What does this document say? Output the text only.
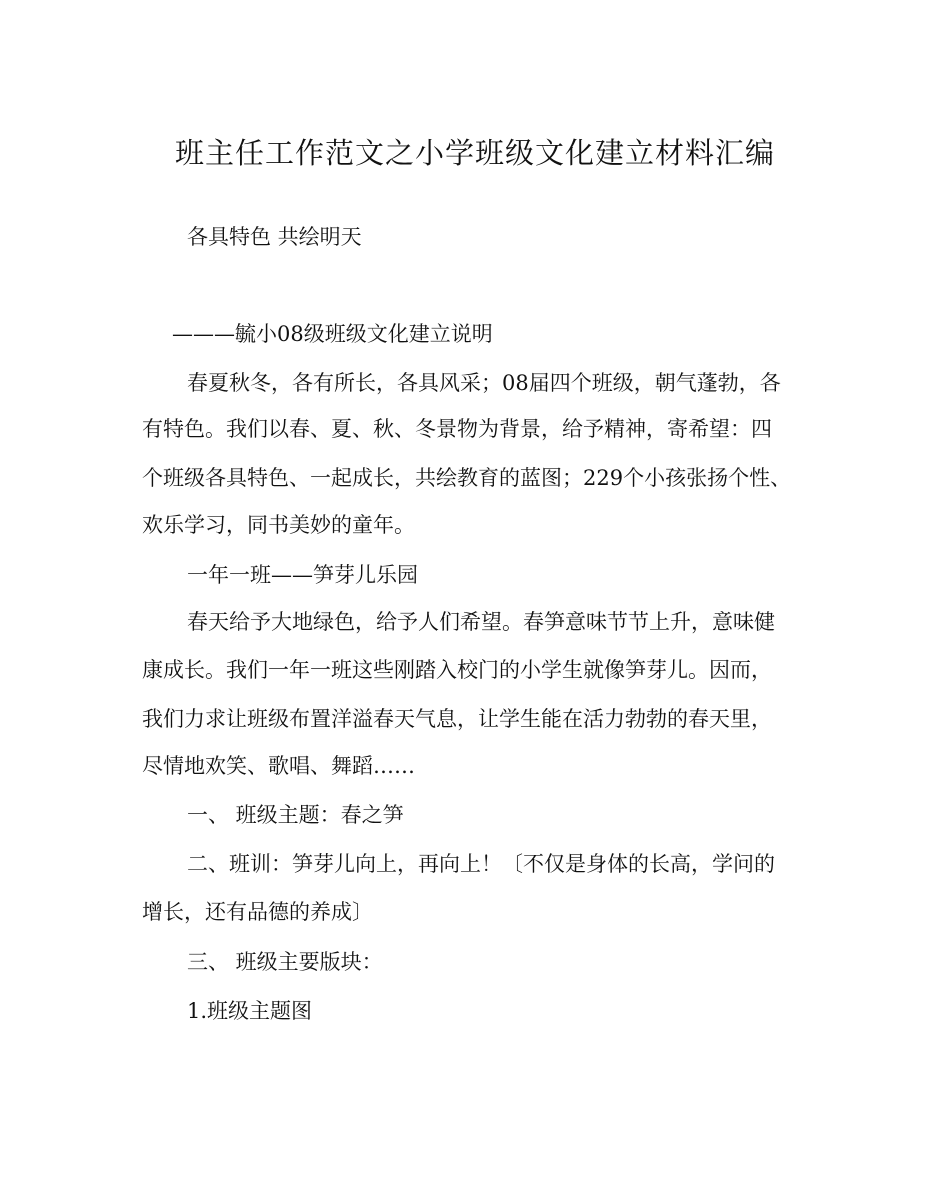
班主任工作范文之小学班级文化建立材料汇编
各具特色 共绘明天
———毓小08级班级文化建立说明
春夏秋冬，各有所长，各具风采；08届四个班级，朝气蓬勃，各
有特色。我们以春、夏、秋、冬景物为背景，给予精神，寄希望：四
个班级各具特色、一起成长，共绘教育的蓝图；229个小孩张扬个性、
欢乐学习，同书美妙的童年。
一年一班——笋芽儿乐园
春天给予大地绿色，给予人们希望。春笋意味节节上升，意味健
康成长。我们一年一班这些刚踏入校门的小学生就像笋芽儿。因而，
我们力求让班级布置洋溢春天气息，让学生能在活力勃勃的春天里，
尽情地欢笑、歌唱、舞蹈……
一、 班级主题：春之笋
二、班训：笋芽儿向上，再向上！〔不仅是身体的长高，学问的
增长，还有品德的养成〕
三、 班级主要版块：
1.班级主题图
